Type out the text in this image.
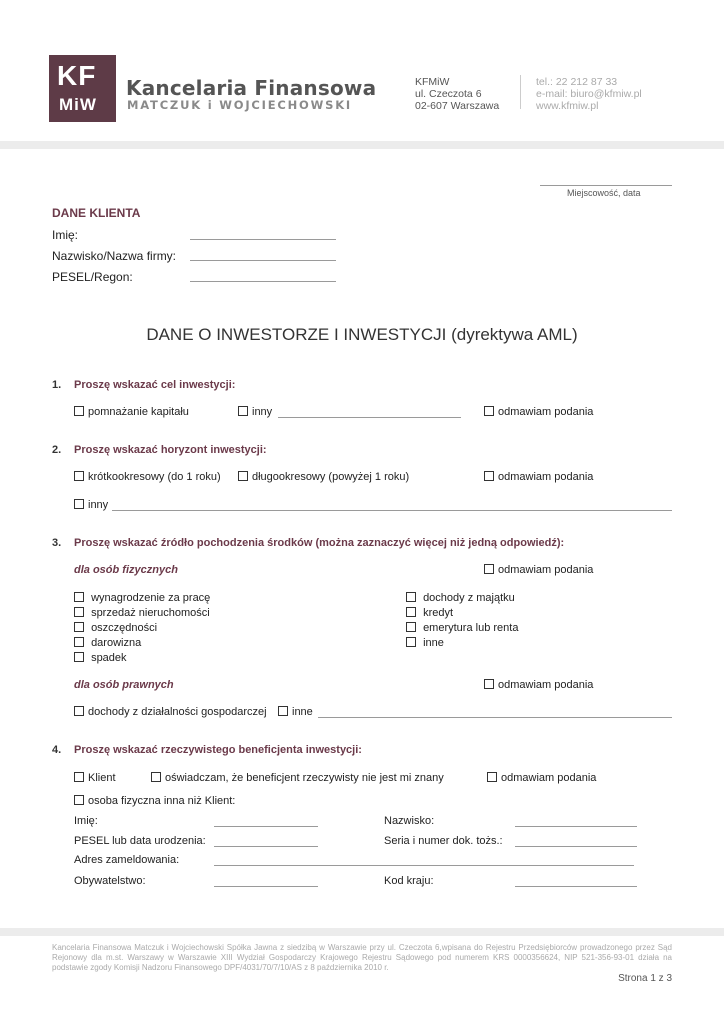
KF
MiW
Kancelaria Finansowa
MATCZUK i WOJCIECHOWSKI
KFMiW
ul. Czeczota 6
02-607 Warszawa
tel.: 22 212 87 33
e-mail: biuro@kfmiw.pl
www.kfmiw.pl
Miejscowość, data
DANE KLIENTA
Imię:
Nazwisko/Nazwa firmy:
PESEL/Regon:
DANE O INWESTORZE I INWESTYCJI (dyrektywa AML)
1. Proszę wskazać cel inwestycji:
pomnażanie kapitału	inny	odmawiam podania
2. Proszę wskazać horyzont inwestycji:
krótkookresowy (do 1 roku)	długookresowy (powyżej 1 roku)	odmawiam podania
inny
3. Proszę wskazać źródło pochodzenia środków (można zaznaczyć więcej niż jedną odpowiedź):
dla osób fizycznych	odmawiam podania
wynagrodzenie za pracę
sprzedaż nieruchomości
oszczędności
darowizna
spadek
dochody z majątku
kredyt
emerytura lub renta
inne
dla osób prawnych	odmawiam podania
dochody z działalności gospodarczej	inne
4. Proszę wskazać rzeczywistego beneficjenta inwestycji:
Klient	oświadczam, że beneficjent rzeczywisty nie jest mi znany	odmawiam podania
osoba fizyczna inna niż Klient:
Imię:	Nazwisko:
PESEL lub data urodzenia:	Seria i numer dok. tożs.:
Adres zameldowania:
Obywatelstwo:	Kod kraju:
Kancelaria Finansowa Matczuk i Wojciechowski Spółka Jawna z siedzibą w Warszawie przy ul. Czeczota 6,wpisana do Rejestru Przedsiębiorców prowadzonego przez Sąd Rejonowy dla m.st. Warszawy w Warszawie XIII Wydział Gospodarczy Krajowego Rejestru Sądowego pod numerem KRS 0000356624, NIP 521-356-93-01 działa na podstawie zgody Komisji Nadzoru Finansowego DPF/4031/70/7/10/AS z 8 października 2010 r.
Strona 1 z 3
